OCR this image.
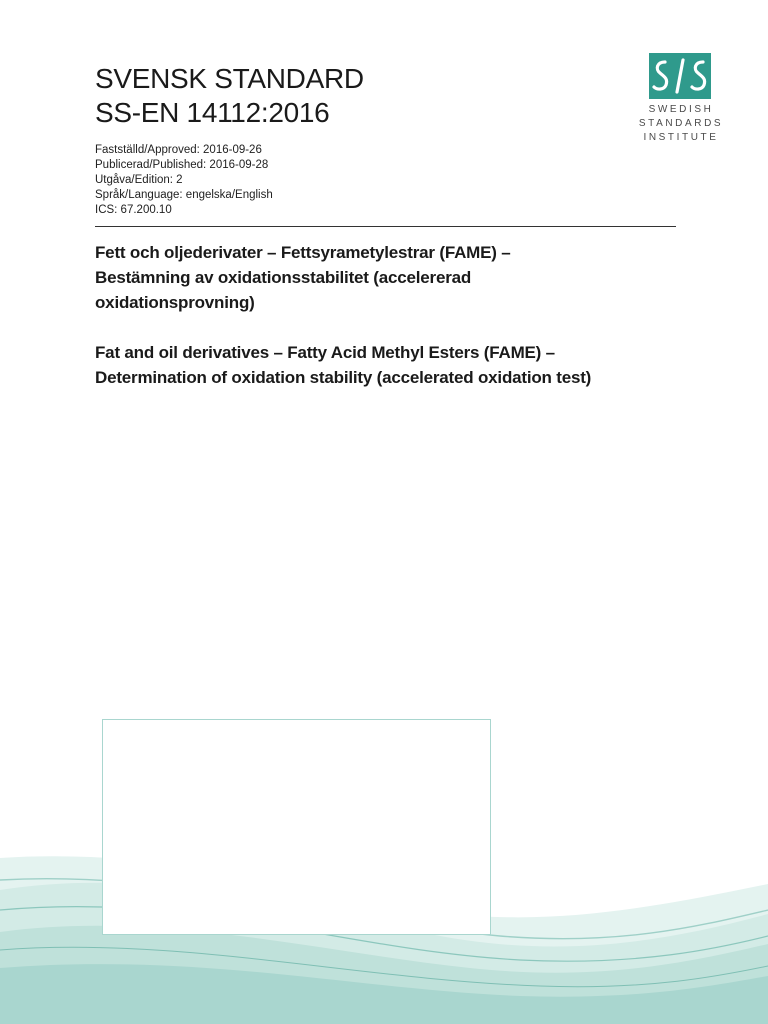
SVENSK STANDARD
SS-EN 14112:2016
Fastställd/Approved: 2016-09-26
Publicerad/Published: 2016-09-28
Utgåva/Edition: 2
Språk/Language: engelska/English
ICS: 67.200.10
Fett och oljederivater – Fettsyrametylestrar (FAME) –
Bestämning av oxidationsstabilitet (accelererad
oxidationsprovning)
Fat and oil derivatives – Fatty Acid Methyl Esters (FAME) –
Determination of oxidation stability (accelerated oxidation test)
SWEDISH
STANDARDS
INSTITUTE
